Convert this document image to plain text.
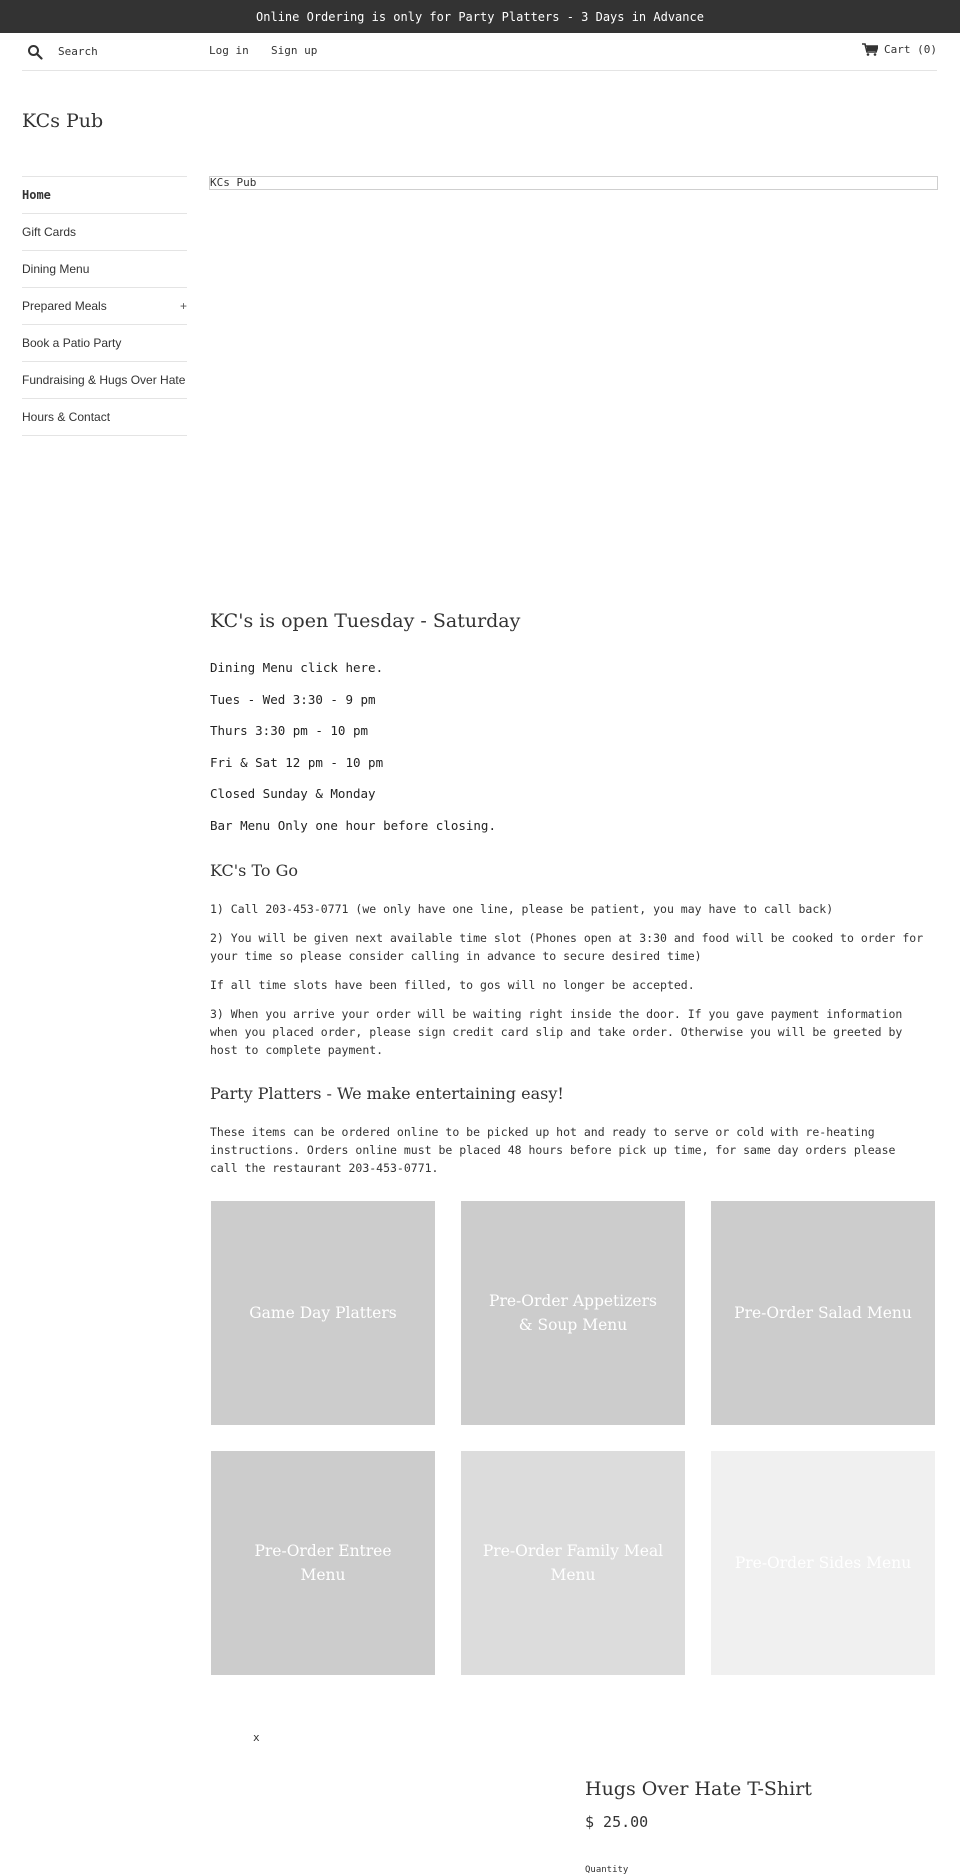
Online Ordering is only for Party Platters - 3 Days in Advance
Search
Log in Sign up	Cart (0)
KCs Pub
Home
Gift Cards
Dining Menu
Prepared Meals	+
Book a Patio Party
Fundraising & Hugs Over Hate
Hours & Contact
KCs Pub
KC's is open Tuesday - Saturday
Dining Menu click here.
Tues - Wed 3:30 - 9 pm
Thurs 3:30 pm - 10 pm
Fri & Sat 12 pm - 10 pm
Closed Sunday & Monday
Bar Menu Only one hour before closing.
KC's To Go
1) Call 203-453-0771 (we only have one line, please be patient, you may have to call back)
2) You will be given next available time slot (Phones open at 3:30 and food will be cooked to order for your time so please consider calling in advance to secure desired time)
If all time slots have been filled, to gos will no longer be accepted.
3) When you arrive your order will be waiting right inside the door. If you gave payment information when you placed order, please sign credit card slip and take order. Otherwise you will be greeted by host to complete payment.
Party Platters - We make entertaining easy!
These items can be ordered online to be picked up hot and ready to serve or cold with re-heating instructions. Orders online must be placed 48 hours before pick up time, for same day orders please call the restaurant 203-453-0771.
Game Day Platters
Pre-Order Appetizers & Soup Menu
Pre-Order Salad Menu
Pre-Order Entree Menu
Pre-Order Family Meal Menu
Pre-Order Sides Menu
x
Hugs Over Hate T-Shirt
$ 25.00
Quantity
